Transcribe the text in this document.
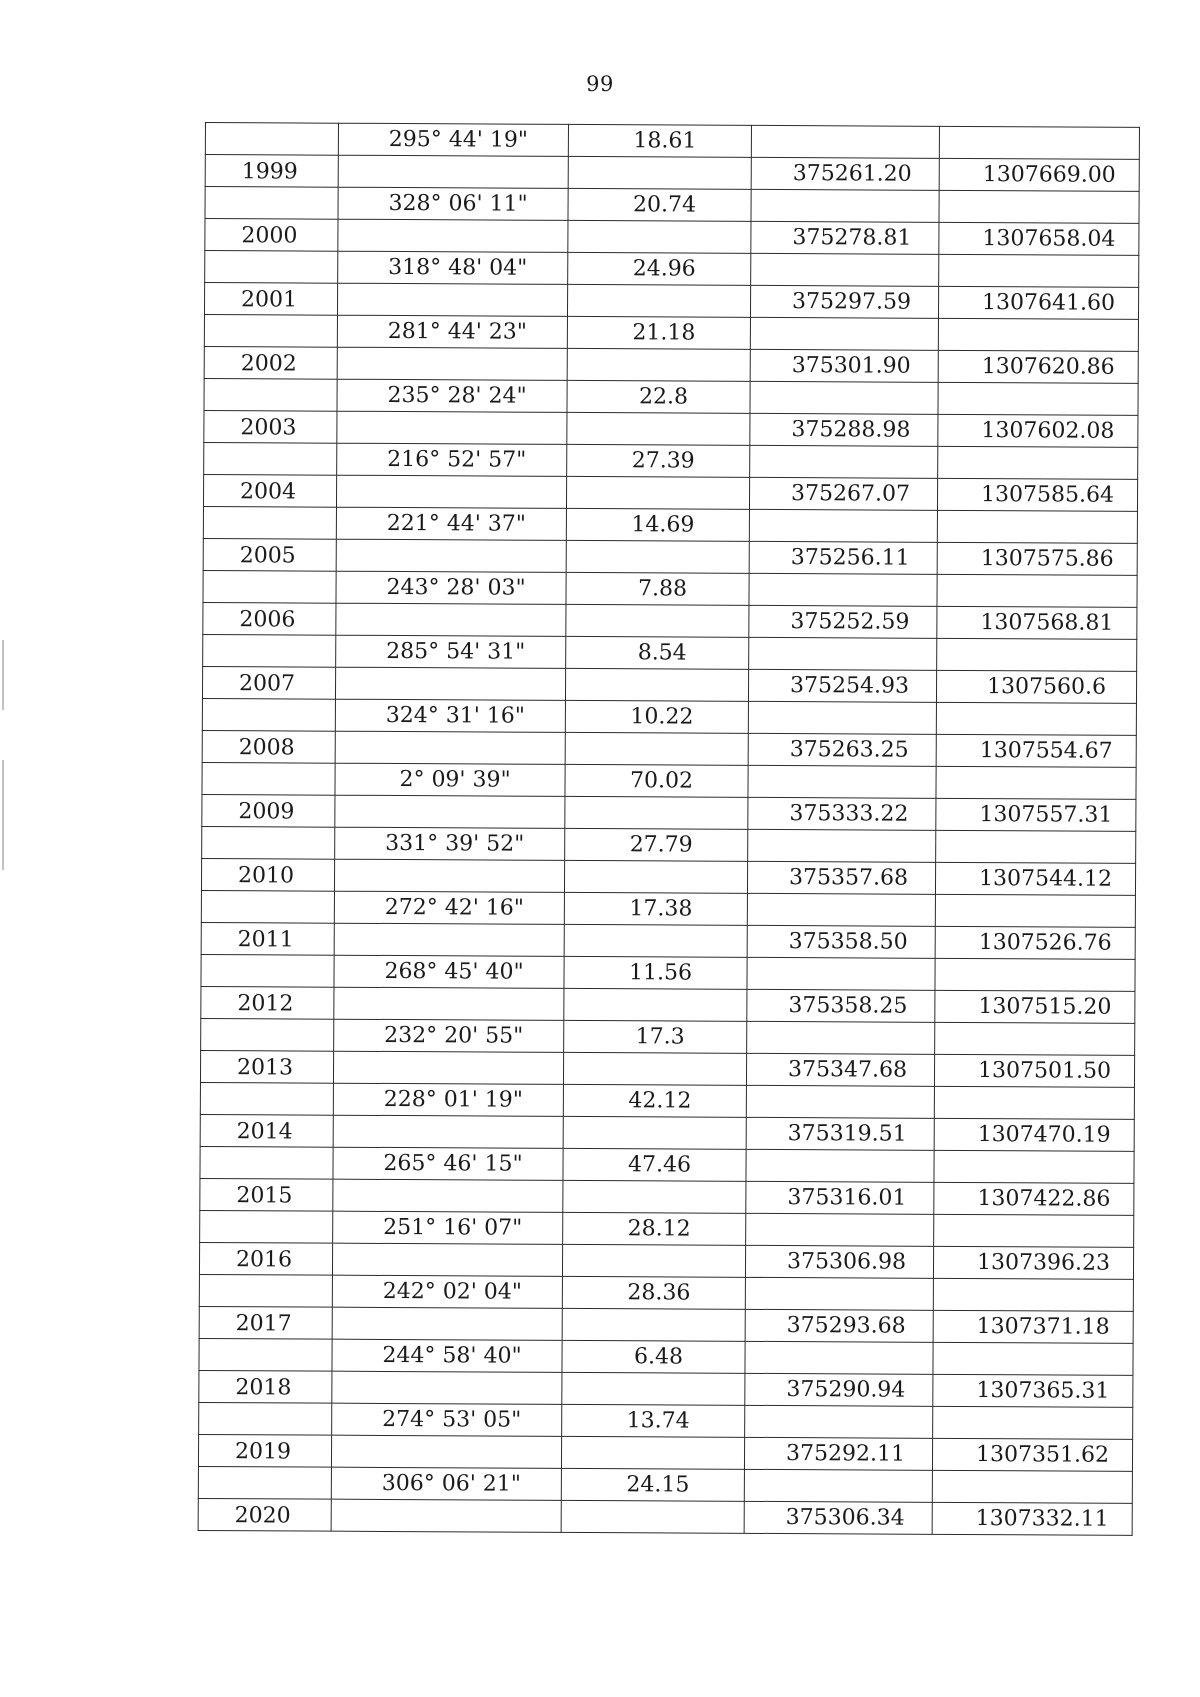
99
	295° 44' 19"	18.61		
1999			375261.20	1307669.00
	328° 06' 11"	20.74		
2000			375278.81	1307658.04
	318° 48' 04"	24.96		
2001			375297.59	1307641.60
	281° 44' 23"	21.18		
2002			375301.90	1307620.86
	235° 28' 24"	22.8		
2003			375288.98	1307602.08
	216° 52' 57"	27.39		
2004			375267.07	1307585.64
	221° 44' 37"	14.69		
2005			375256.11	1307575.86
	243° 28' 03"	7.88		
2006			375252.59	1307568.81
	285° 54' 31"	8.54		
2007			375254.93	1307560.6
	324° 31' 16"	10.22		
2008			375263.25	1307554.67
	2° 09' 39"	70.02		
2009			375333.22	1307557.31
	331° 39' 52"	27.79		
2010			375357.68	1307544.12
	272° 42' 16"	17.38		
2011			375358.50	1307526.76
	268° 45' 40"	11.56		
2012			375358.25	1307515.20
	232° 20' 55"	17.3		
2013			375347.68	1307501.50
	228° 01' 19"	42.12		
2014			375319.51	1307470.19
	265° 46' 15"	47.46		
2015			375316.01	1307422.86
	251° 16' 07"	28.12		
2016			375306.98	1307396.23
	242° 02' 04"	28.36		
2017			375293.68	1307371.18
	244° 58' 40"	6.48		
2018			375290.94	1307365.31
	274° 53' 05"	13.74		
2019			375292.11	1307351.62
	306° 06' 21"	24.15		
2020			375306.34	1307332.11
